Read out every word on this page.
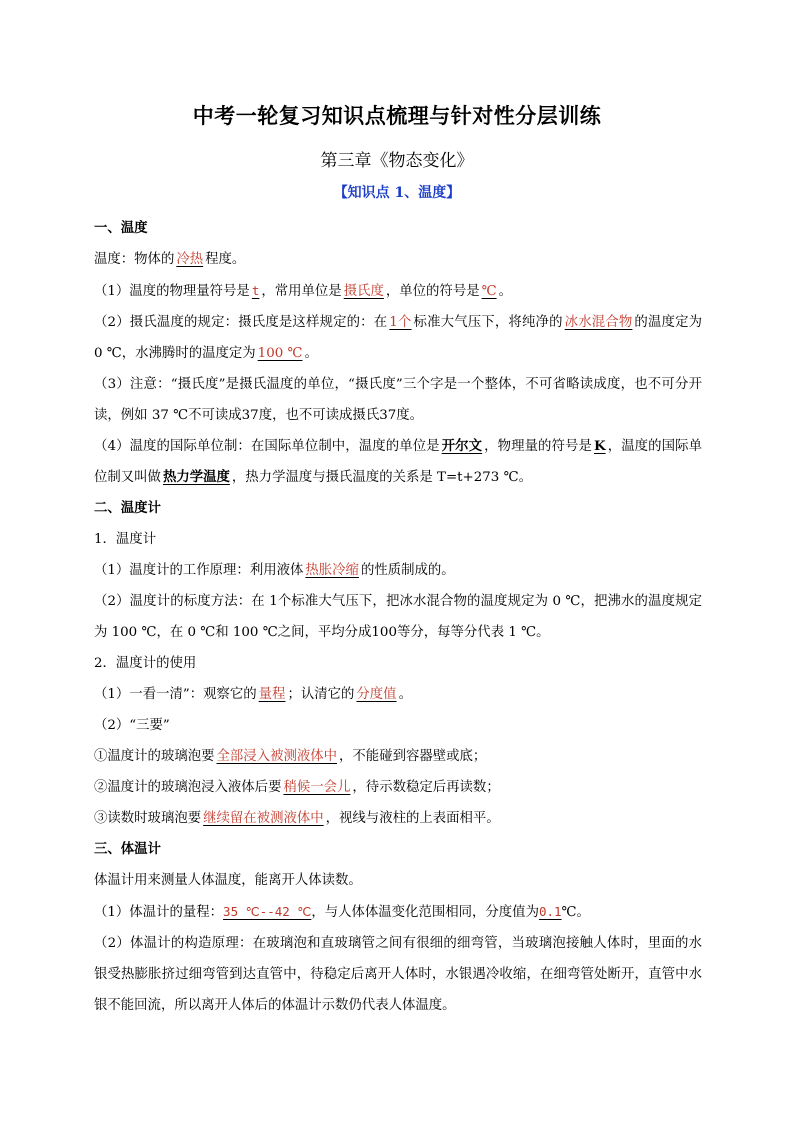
中考一轮复习知识点梳理与针对性分层训练
第三章《物态变化》
【知识点 1、温度】
一、温度
温度：物体的 冷热 程度。
（1）温度的物理量符号是 t ，常用单位是 摄氏度 ，单位的符号是 ℃ 。
（2）摄氏温度的规定：摄氏度是这样规定的：在 1个 标准大气压下，将纯净的 冰水混合物 的温度定为 0 ℃，水沸腾时的温度定为 100 ℃ 。
（3）注意：“摄氏度”是摄氏温度的单位，“摄氏度”三个字是一个整体，不可省略读成度，也不可分开读，例如 37 ℃不可读成37度，也不可读成摄氏37度。
（4）温度的国际单位制：在国际单位制中，温度的单位是 开尔文 ，物理量的符号是 K ，温度的国际单位制又叫做 热力学温度 ，热力学温度与摄氏温度的关系是 T=t+273 ℃。
二、温度计
1．温度计
（1）温度计的工作原理：利用液体 热胀冷缩 的性质制成的。
（2）温度计的标度方法：在 1个标准大气压下，把冰水混合物的温度规定为 0 ℃，把沸水的温度规定为 100 ℃，在 0 ℃和 100 ℃之间，平均分成100等分，每等分代表 1 ℃。
2．温度计的使用
（1）一看一清”：观察它的 量程 ；认清它的 分度值 。
（2）“三要”
①温度计的玻璃泡要 全部浸入被测液体中 ，不能碰到容器壁或底；
②温度计的玻璃泡浸入液体后要 稍候一会儿 ，待示数稳定后再读数；
③读数时玻璃泡要 继续留在被测液体中 ，视线与液柱的上表面相平。
三、体温计
体温计用来测量人体温度，能离开人体读数。
（1）体温计的量程：35 ℃--42 ℃，与人体体温变化范围相同，分度值为0.1℃。
（2）体温计的构造原理：在玻璃泡和直玻璃管之间有很细的细弯管，当玻璃泡接触人体时，里面的水银受热膨胀挤过细弯管到达直管中，待稳定后离开人体时，水银遇冷收缩，在细弯管处断开，直管中水银不能回流，所以离开人体后的体温计示数仍代表人体温度。
